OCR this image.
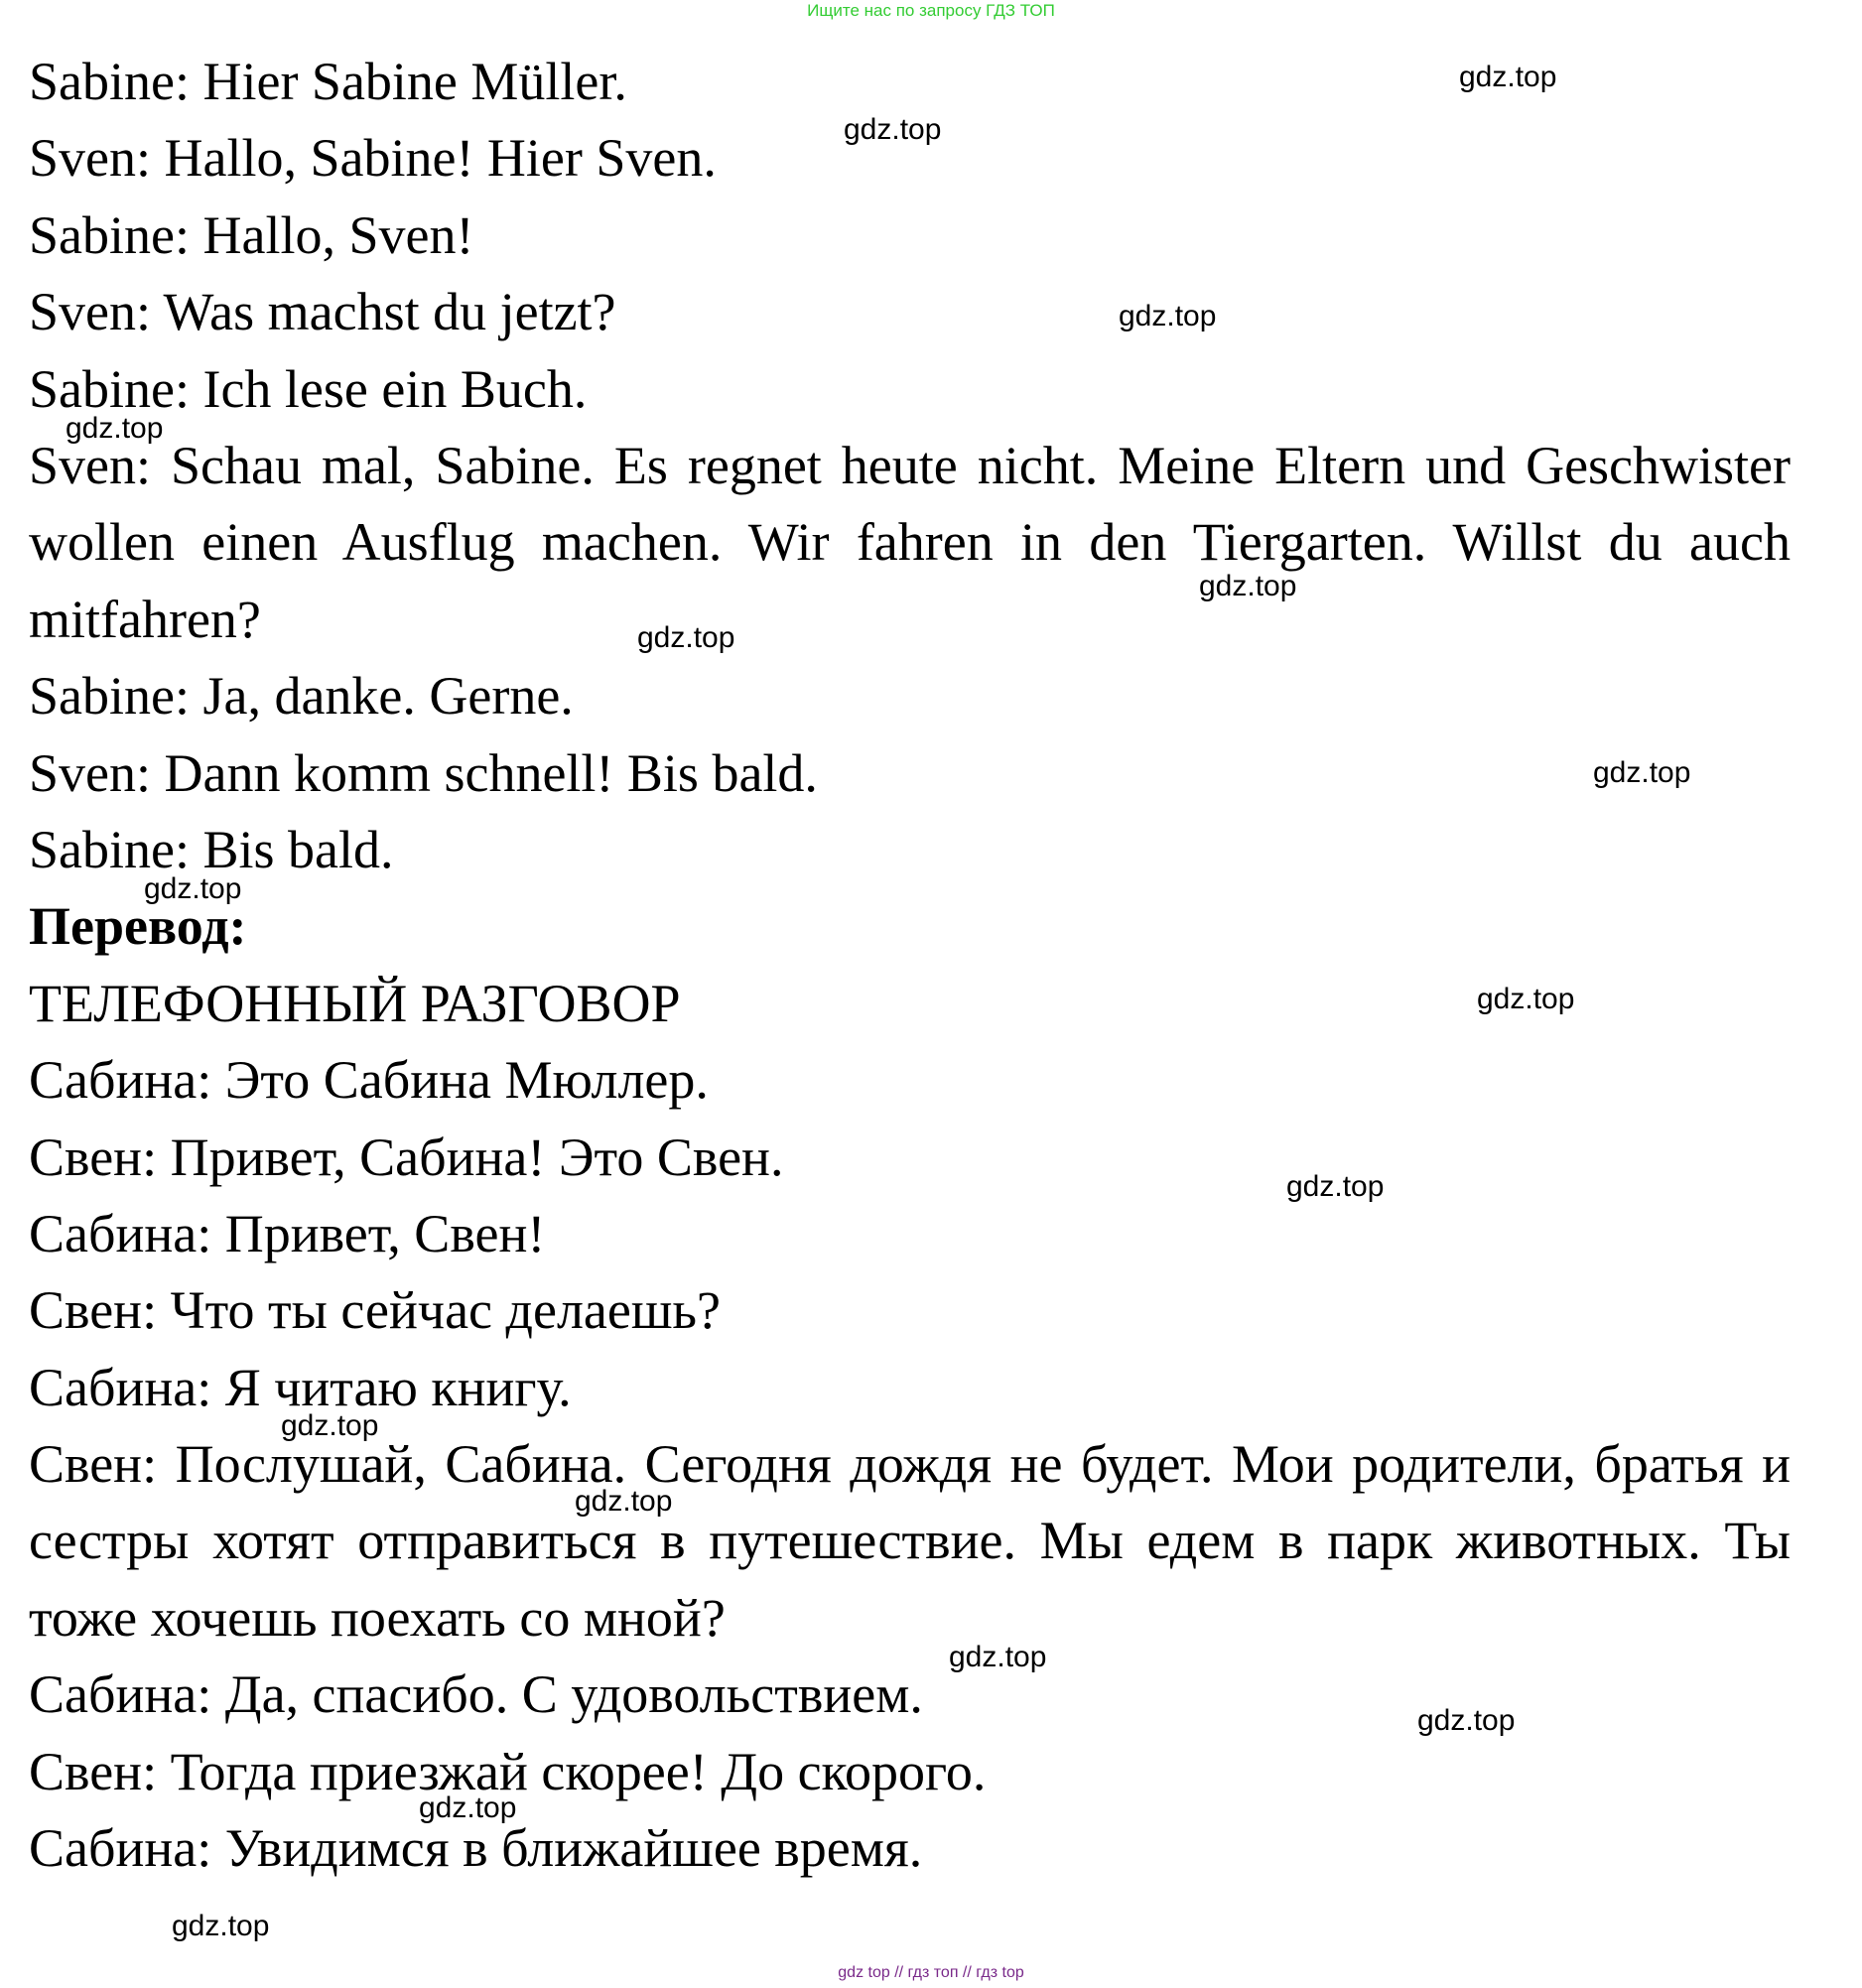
Ищите нас по запросу ГДЗ ТОП
Sabine: Hier Sabine Müller.
Sven: Hallo, Sabine! Hier Sven.
Sabine: Hallo, Sven!
Sven: Was machst du jetzt?
Sabine: Ich lese ein Buch.
Sven: Schau mal, Sabine. Es regnet heute nicht. Meine Eltern und Geschwister wollen einen Ausflug machen. Wir fahren in den Tiergarten. Willst du auch mitfahren?
Sabine: Ja, danke. Gerne.
Sven: Dann komm schnell! Bis bald.
Sabine: Bis bald.
Перевод:
ТЕЛЕФОННЫЙ РАЗГОВОР
Сабина: Это Сабина Мюллер.
Свен: Привет, Сабина! Это Свен.
Сабина: Привет, Свен!
Свен: Что ты сейчас делаешь?
Сабина: Я читаю книгу.
Свен: Послушай, Сабина. Сегодня дождя не будет. Мои родители, братья и сестры хотят отправиться в путешествие. Мы едем в парк животных. Ты тоже хочешь поехать со мной?
Сабина: Да, спасибо. С удовольствием.
Свен: Тогда приезжай скорее! До скорого.
Сабина: Увидимся в ближайшее время.
gdz.top
gdz.top
gdz.top
gdz.top
gdz.top
gdz.top
gdz.top
gdz.top
gdz.top
gdz.top
gdz.top
gdz.top
gdz.top
gdz.top
gdz.top
gdz.top
gdz top // гдз топ // гдз top
